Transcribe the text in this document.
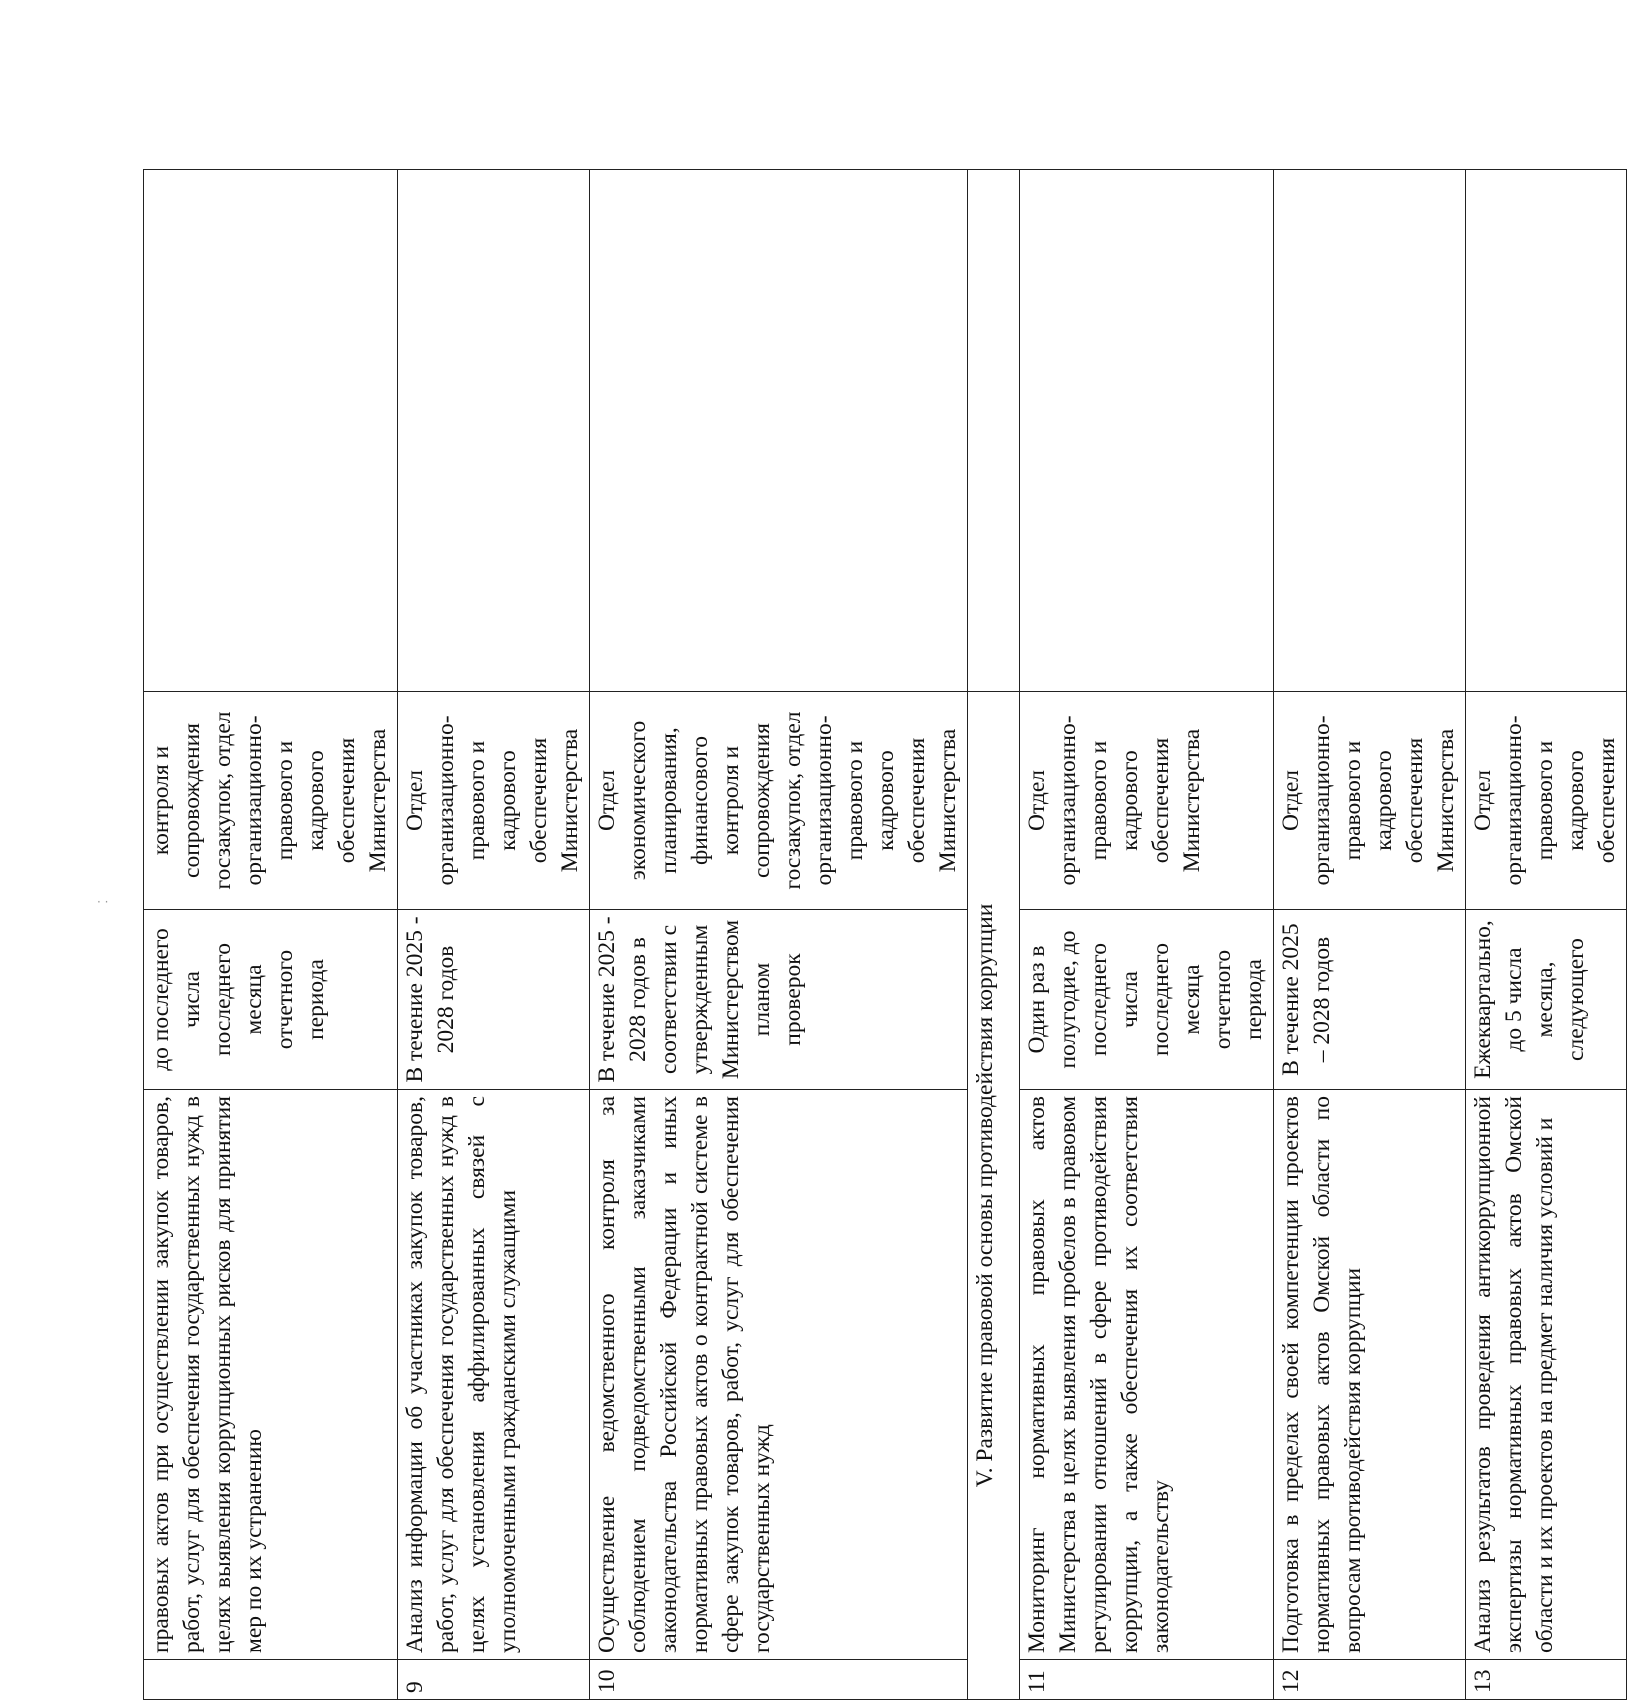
· ·
	правовых актов при осуществлении закупок товаров, работ, услуг для обеспечения государственных нужд в целях выявления коррупционных рисков для принятия мер по их устранению	до последнего числа последнего месяца отчетного периода	контроля и сопровождения госзакупок, отдел организационно-правового и кадрового обеспечения Министерства	
9	Анализ информации об участниках закупок товаров, работ, услуг для обеспечения государственных нужд в целях установления аффилированных связей с уполномоченными гражданскими служащими	В течение 2025 - 2028 годов	Отдел организационно-правового и кадрового обеспечения Министерства	
10	Осуществление ведомственного контроля за соблюдением подведомственными заказчиками законодательства Российской Федерации и иных нормативных правовых актов о контрактной системе в сфере закупок товаров, работ, услуг для обеспечения государственных нужд	В течение 2025 - 2028 годов в соответствии с утвержденным Министерством планом проверок	Отдел экономического планирования, финансового контроля и сопровождения госзакупок, отдел организационно-правового и кадрового обеспечения Министерства	
V. Развитие правовой основы противодействия коррупции				
11	Мониторинг нормативных правовых актов Министерства в целях выявления пробелов в правовом регулировании отношений в сфере противодействия коррупции, а также обеспечения их соответствия законодательству	Один раз в полугодие, до последнего числа последнего месяца отчетного периода	Отдел организационно-правового и кадрового обеспечения Министерства	
12	Подготовка в пределах своей компетенции проектов нормативных правовых актов Омской области по вопросам противодействия коррупции	В течение 2025 – 2028 годов	Отдел организационно-правового и кадрового обеспечения Министерства	
13	Анализ результатов проведения антикоррупционной экспертизы нормативных правовых актов Омской области и их проектов на предмет наличия условий и	Ежеквартально, до 5 числа месяца, следующего	Отдел организационно-правового и кадрового обеспечения	
